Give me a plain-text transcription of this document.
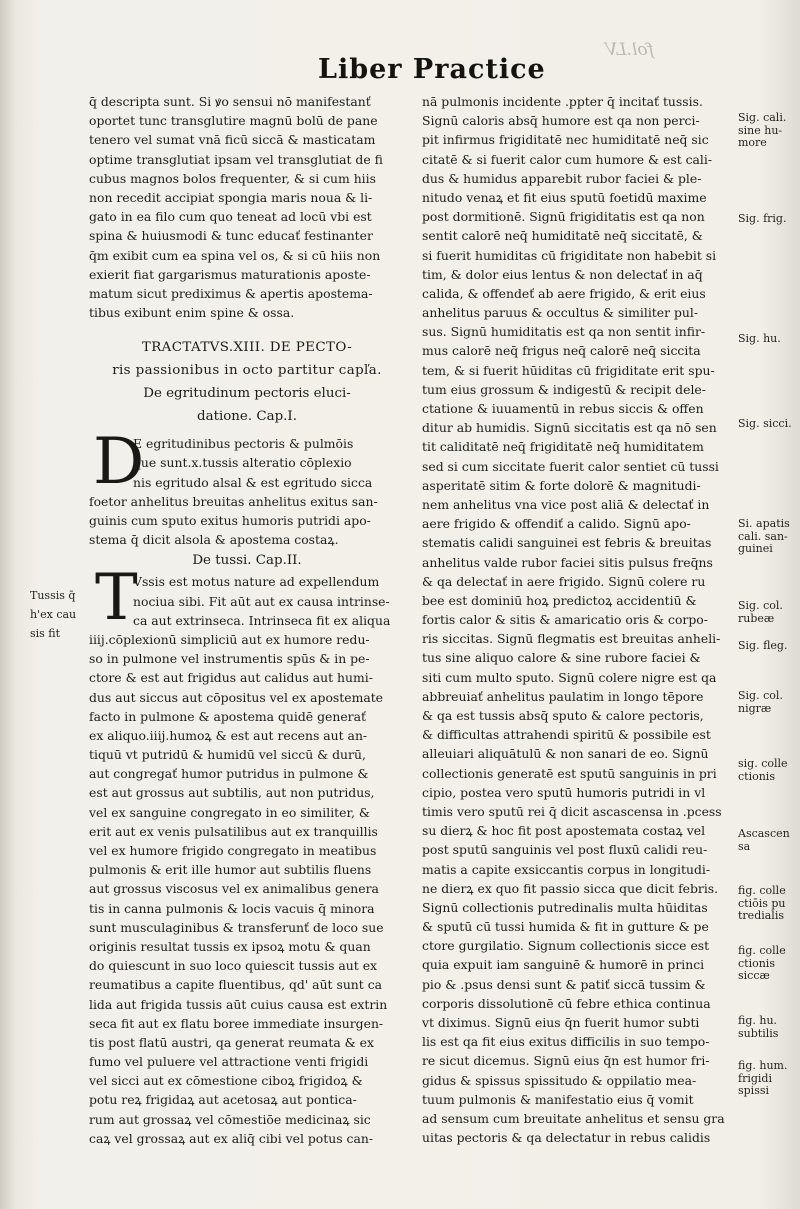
fol.LV
Liber Practice
q̄ descripta sunt. Si ꝟo sensui nō manifestanť
oportet tunc transglutire magnū bolū de pane
tenero vel sumat vnā ficū siccā & masticatam
optime transglutiat ipsam vel transglutiat de fi
cubus magnos bolos frequenter, & si cum hiis
non recedit accipiat spongia maris noua & li-
gato in ea filo cum quo teneat ad locū vbi est
spina & huiusmodi & tunc educať festinanter
q̄m exibit cum ea spina vel os, & si cū hiis non
exierit fiat gargarismus maturationis aposte-
matum sicut prediximus & apertis apostema-
tibus exibunt enim spine & ossa.
TRACTATVS.XIII. DE PECTO-
ris passionibus in octo partitur capľa.
De egritudinum pectoris eluci-
datione. Cap.I.
D
E egritudinibus pectoris & pulmōis
que sunt.x.tussis alteratio cōplexio
nis egritudo alsal & est egritudo sicca
foetor anhelitus breuitas anhelitus exitus san-
guinis cum sputo exitus humoris putridi apo-
stema q̄ dicit alsola & apostema costaꝝ.
De tussi. Cap.II.
T
Vssis est motus nature ad expellendum
nociua sibi. Fit aūt aut ex causa intrinse-
ca aut extrinseca. Intrinseca fit ex aliqua
iiij.cōplexionū simpliciū aut ex humore redu-
so in pulmone vel instrumentis spūs & in pe-
ctore & est aut frigidus aut calidus aut humi-
dus aut siccus aut cōpositus vel ex apostemate
facto in pulmone & apostema quidē generať
ex aliquo.iiij.humoꝝ & est aut recens aut an-
tiquū vt putridū & humidū vel siccū & durū,
aut congregať humor putridus in pulmone &
est aut grossus aut subtilis, aut non putridus,
vel ex sanguine congregato in eo similiter, &
erit aut ex venis pulsatilibus aut ex tranquillis
vel ex humore frigido congregato in meatibus
pulmonis & erit ille humor aut subtilis fluens
aut grossus viscosus vel ex animalibus genera
tis in canna pulmonis & locis vacuis q̄ minora
sunt musculaginibus & transferunť de loco sue
originis resultat tussis ex ipsoꝝ motu & quan
do quiescunt in suo loco quiescit tussis aut ex
reumatibus a capite fluentibus, qd' aūt sunt ca
lida aut frigida tussis aūt cuius causa est extrin
seca fit aut ex flatu boree immediate insurgen-
tis post flatū austri, qa generat reumata & ex
fumo vel puluere vel attractione venti frigidi
vel sicci aut ex cōmestione ciboꝝ frigidoꝝ &
potu reꝝ frigidaꝝ aut acetosaꝝ aut pontica-
rum aut grossaꝝ vel cōmestiōe medicinaꝝ sic
caꝝ vel grossaꝝ aut ex aliq̄ cibi vel potus can-
Tussis q̄
h'ex cau
sis fit
nā pulmonis incidente .ppter q̄ incitať tussis.
Signū caloris absq̄ humore est qa non perci-
pit infirmus frigiditatē nec humiditatē neq̄ sic
citatē & si fuerit calor cum humore & est cali-
dus & humidus apparebit rubor faciei & ple-
nitudo venaꝝ et fit eius sputū foetidū maxime
post dormitionē. Signū frigiditatis est qa non
sentit calorē neq̄ humiditatē neq̄ siccitatē, &
si fuerit humiditas cū frigiditate non habebit si
tim, & dolor eius lentus & non delectať in aq̄
calida, & offendeť ab aere frigido, & erit eius
anhelitus paruus & occultus & similiter pul-
sus. Signū humiditatis est qa non sentit infir-
mus calorē neq̄ frigus neq̄ calorē neq̄ siccita
tem, & si fuerit hūiditas cū frigiditate erit spu-
tum eius grossum & indigestū & recipit dele-
ctatione & iuuamentū in rebus siccis & offen
ditur ab humidis. Signū siccitatis est qa nō sen
tit caliditatē neq̄ frigiditatē neq̄ humiditatem
sed si cum siccitate fuerit calor sentiet cū tussi
asperitatē sitim & forte dolorē & magnitudi-
nem anhelitus vna vice post aliā & delectať in
aere frigido & offendiť a calido. Signū apo-
stematis calidi sanguinei est febris & breuitas
anhelitus valde rubor faciei sitis pulsus freq̄ns
& qa delectať in aere frigido. Signū colere ru
bee est dominiū hoꝝ predictoꝝ accidentiū &
fortis calor & sitis & amaricatio oris & corpo-
ris siccitas. Signū flegmatis est breuitas anheli-
tus sine aliquo calore & sine rubore faciei &
siti cum multo sputo. Signū colere nigre est qa
abbreuiať anhelitus paulatim in longo tēpore
& qa est tussis absq̄ sputo & calore pectoris,
& difficultas attrahendi spiritū & possibile est
alleuiari aliquātulū & non sanari de eo. Signū
collectionis generatē est sputū sanguinis in pri
cipio, postea vero sputū humoris putridi in vl
timis vero sputū rei q̄ dicit ascascensa in .pcess
su dierꝝ & hoc fit post apostemata costaꝝ vel
post sputū sanguinis vel post fluxū calidi reu-
matis a capite exsiccantis corpus in longitudi-
ne dierꝝ ex quo fit passio sicca que dicit febris.
Signū collectionis putredinalis multa hūiditas
& sputū cū tussi humida & fit in gutture & pe
ctore gurgilatio. Signum collectionis sicce est
quia expuit iam sanguinē & humorē in princi
pio & .psus densi sunt & patiť siccā tussim &
corporis dissolutionē cū febre ethica continua
vt diximus. Signū eius q̄n fuerit humor subti
lis est qa fit eius exitus difficilis in suo tempo-
re sicut dicemus. Signū eius q̄n est humor fri-
gidus & spissus spissitudo & oppilatio mea-
tuum pulmonis & manifestatio eius q̄ vomit
ad sensum cum breuitate anhelitus et sensu gra
uitas pectoris & qa delectatur in rebus calidis
Sig. cali.
sine hu-
more
Sig. frig.
Sig. hu.
Sig. sicci.
Si. apatis
cali. san-
guinei
Sig. col.
rubeæ
Sig. fleg.
Sig. col.
nigræ
sig. colle
ctionis
Ascascen
sa
fig. colle
ctiōis pu
tredialis
fig. colle
ctionis
siccæ
fig. hu.
subtilis
fig. hum.
frigidi
spissi
